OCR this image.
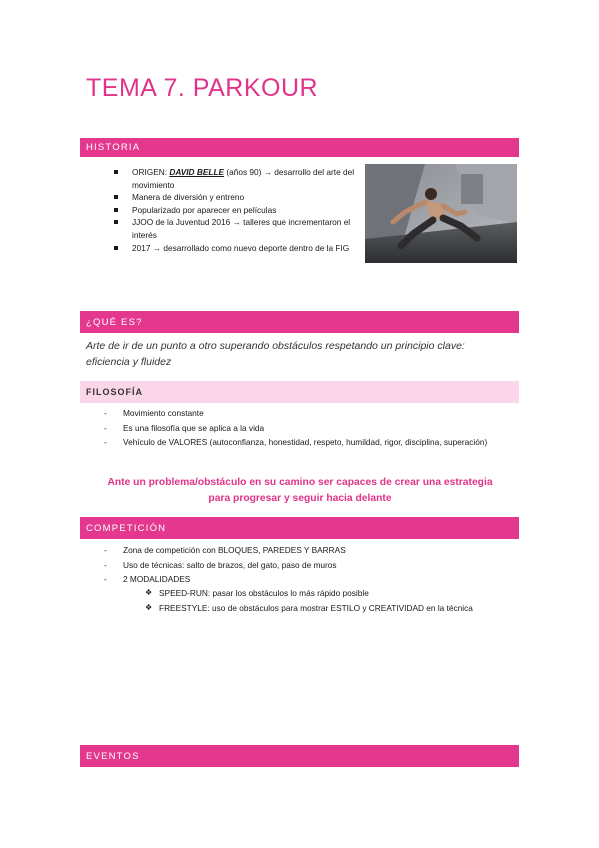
TEMA 7. PARKOUR
HISTORIA
ORIGEN: DAVID BELLE (años 90) → desarrollo del arte del movimiento
Manera de diversión y entreno
Popularizado por aparecer en películas
JJOO de la Juventud 2016 → talleres que incrementaron el interés
2017 → desarrollado como nuevo deporte dentro de la FIG
¿QUÉ ES?
Arte de ir de un punto a otro superando obstáculos respetando un principio clave: eficiencia y fluidez
FILOSOFÍA
- Movimiento constante
- Es una filosofía que se aplica a la vida
- Vehículo de VALORES (autoconfianza, honestidad, respeto, humildad, rigor, disciplina, superación)
Ante un problema/obstáculo en su camino ser capaces de crear una estrategia para progresar y seguir hacia delante
COMPETICIÓN
- Zona de competición con BLOQUES, PAREDES Y BARRAS
- Uso de técnicas: salto de brazos, del gato, paso de muros
- 2 MODALIDADES
❖ SPEED-RUN: pasar los obstáculos lo más rápido posible
❖ FREESTYLE: uso de obstáculos para mostrar ESTILO y CREATIVIDAD en la técnica
EVENTOS
